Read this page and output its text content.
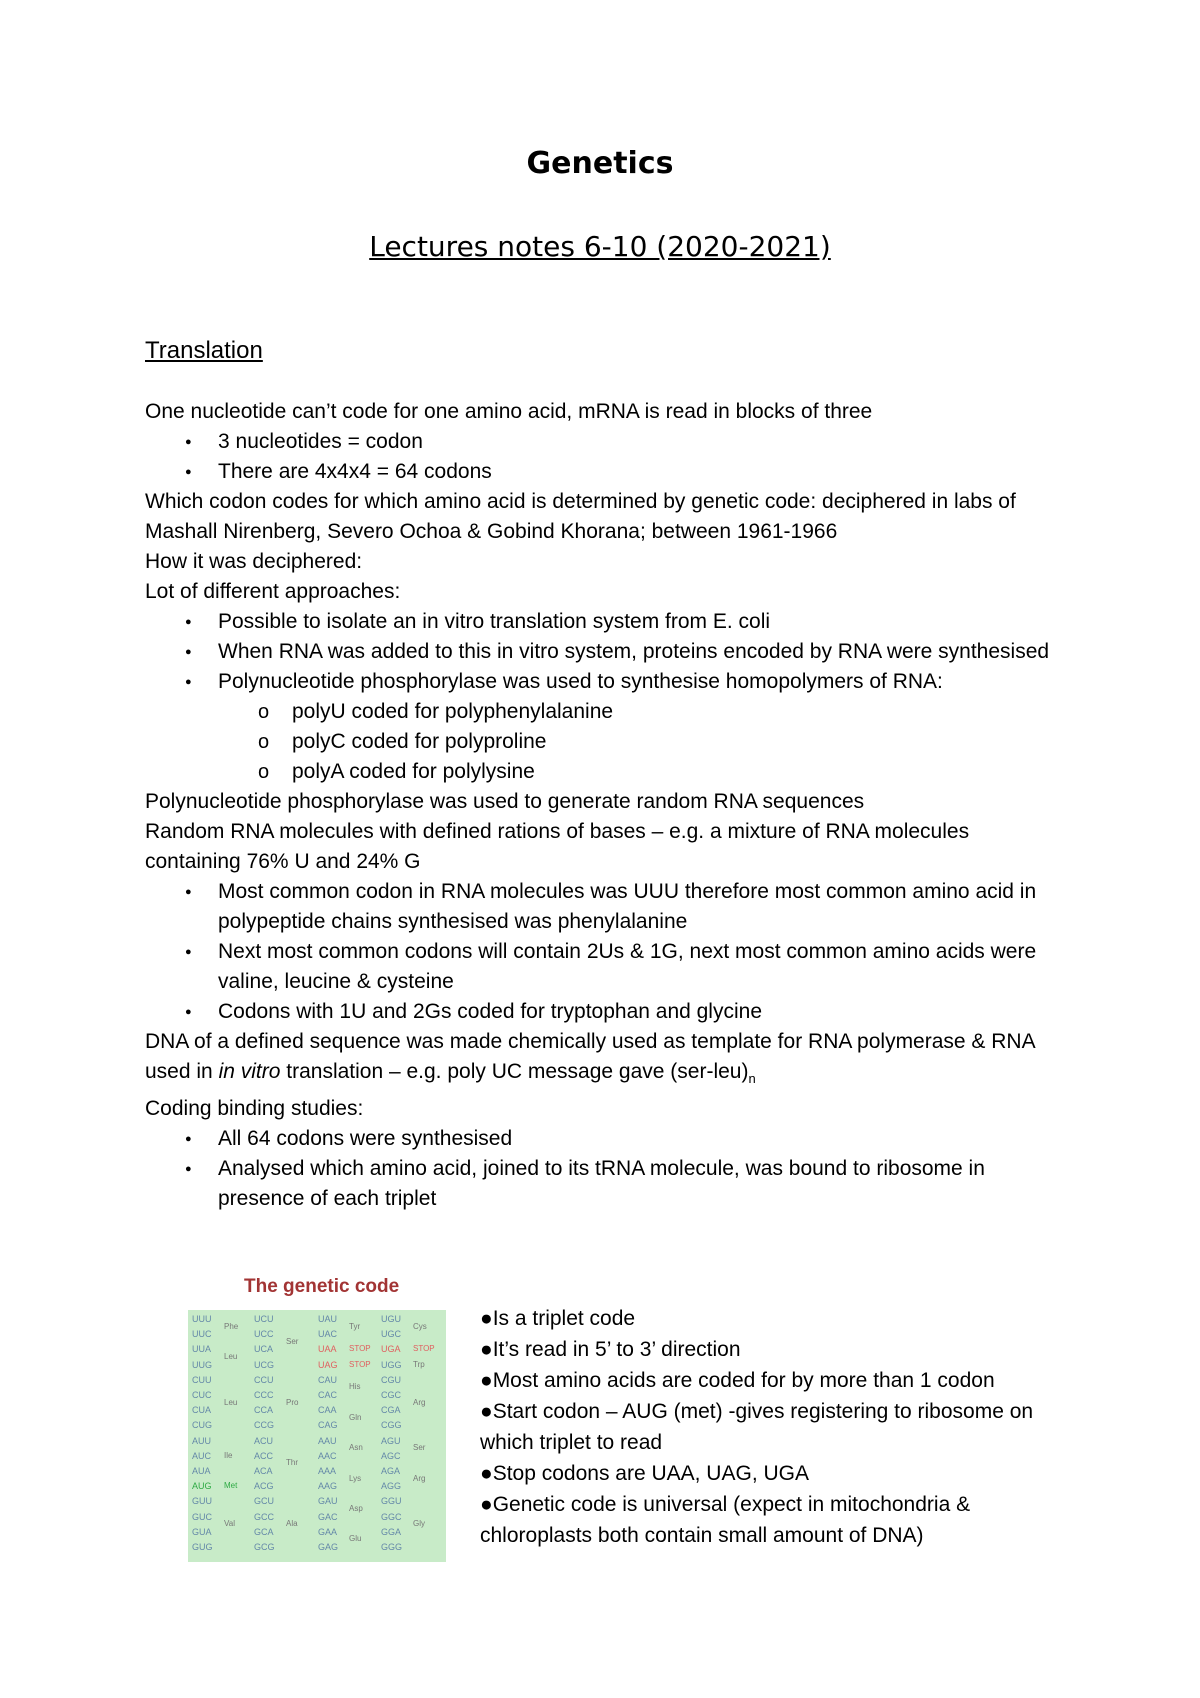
Genetics
Lectures notes 6-10 (2020-2021)
Translation

One nucleotide can’t code for one amino acid, mRNA is read in blocks of three

● 3 nucleotides = codon
● There are 4x4x4 = 64 codons

Which codon codes for which amino acid is determined by genetic code: deciphered in labs of Mashall Nirenberg, Severo Ochoa & Gobind Khorana; between 1961-1966

How it was deciphered:

Lot of different approaches:

● Possible to isolate an in vitro translation system from E. coli
● When RNA was added to this in vitro system, proteins encoded by RNA were synthesised
● Polynucleotide phosphorylase was used to synthesise homopolymers of RNA:
o polyU coded for polyphenylalanine
o polyC coded for polyproline
o polyA coded for polylysine

Polynucleotide phosphorylase was used to generate random RNA sequences

Random RNA molecules with defined rations of bases – e.g. a mixture of RNA molecules containing 76% U and 24% G

● Most common codon in RNA molecules was UUU therefore most common amino acid in polypeptide chains synthesised was phenylalanine
● Next most common codons will contain 2Us & 1G, next most common amino acids were valine, leucine & cysteine
● Codons with 1U and 2Gs coded for tryptophan and glycine

DNA of a defined sequence was made chemically used as template for RNA polymerase & RNA used in in vitro translation – e.g. poly UC message gave $(ser-leu)_n$

Coding binding studies:

● All 64 codons were synthesised
● Analysed which amino acid, joined to its tRNA molecule, was bound to ribosome in presence of each triplet
The genetic code
UUU
UUC
UUA
UUG
CUU
CUC
CUA
CUG
AUU
AUC
AUA
AUG
GUU
GUC
GUA
GUG
UCU
UCC
UCA
UCG
CCU
CCC
CCA
CCG
ACU
ACC
ACA
ACG
GCU
GCC
GCA
GCG
UAU
UAC
UAA
UAG
CAU
CAC
CAA
CAG
AAU
AAC
AAA
AAG
GAU
GAC
GAA
GAG
UGU
UGC
UGA
UGG
CGU
CGC
CGA
CGG
AGU
AGC
AGA
AGG
GGU
GGC
GGA
GGG
Phe
Leu
Leu
Ile
Met
Val
Ser
Pro
Thr
Ala
Tyr
STOP
STOP
His
Gln
Asn
Lys
Asp
Glu
Cys
STOP
Trp
Arg
Ser
Arg
Gly
●Is a triplet code
●It’s read in 5’ to 3’ direction
●Most amino acids are coded for by more than 1 codon
●Start codon – AUG (met) -gives registering to ribosome on which triplet to read
●Stop codons are UAA, UAG, UGA
●Genetic code is universal (expect in mitochondria & chloroplasts both contain small amount of DNA)
